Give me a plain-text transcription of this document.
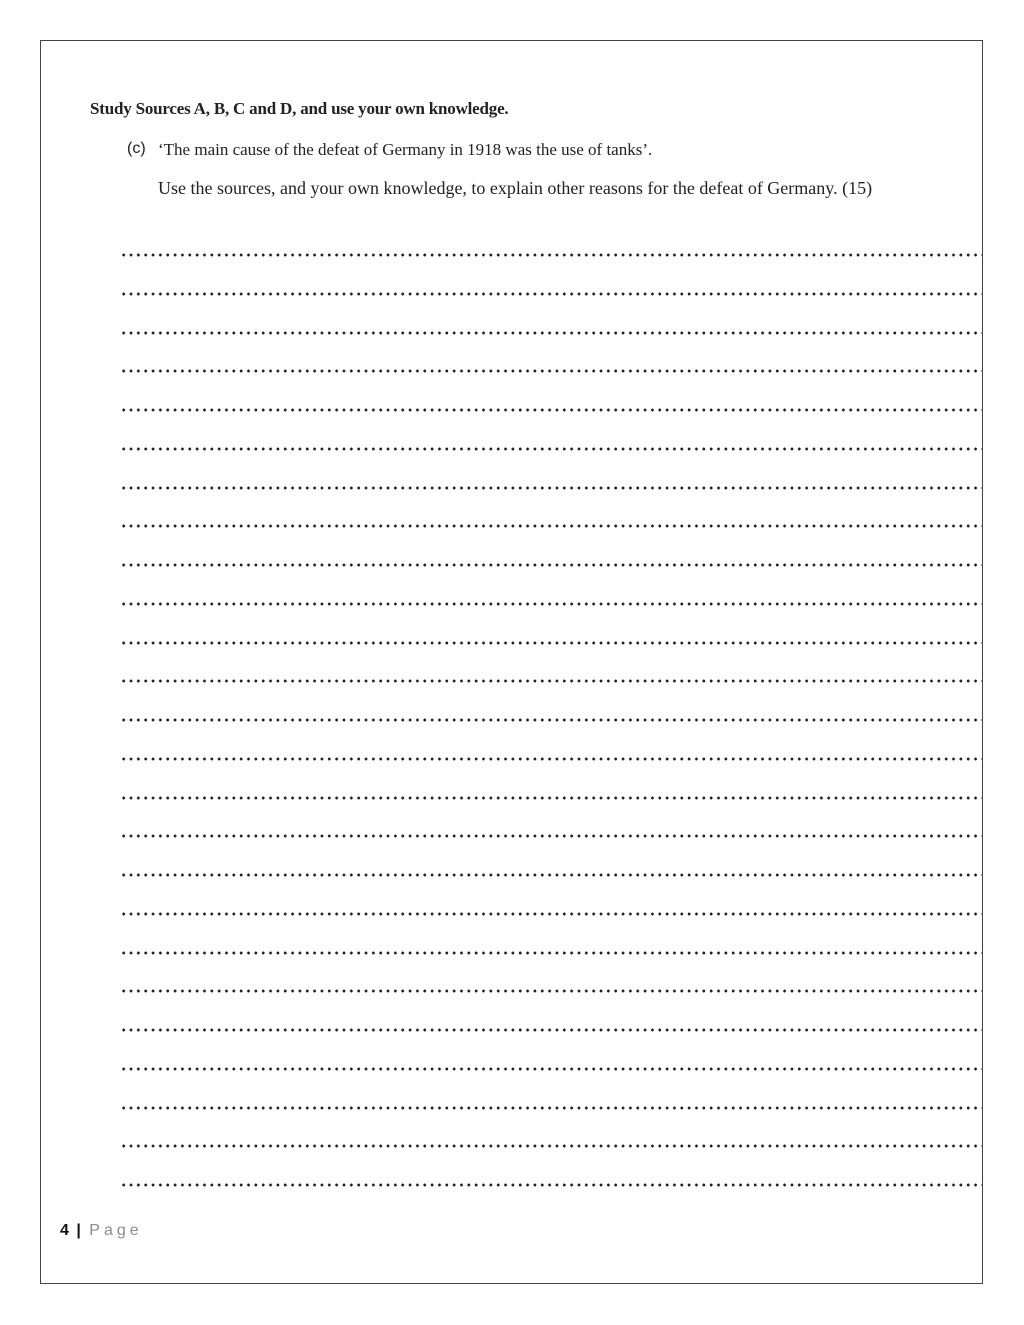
Study Sources A, B, C and D, and use your own knowledge.
(c) ‘The main cause of the defeat of Germany in 1918 was the use of tanks’.
Use the sources, and your own knowledge, to explain other reasons for the defeat of Germany. (15)
4 | Page
